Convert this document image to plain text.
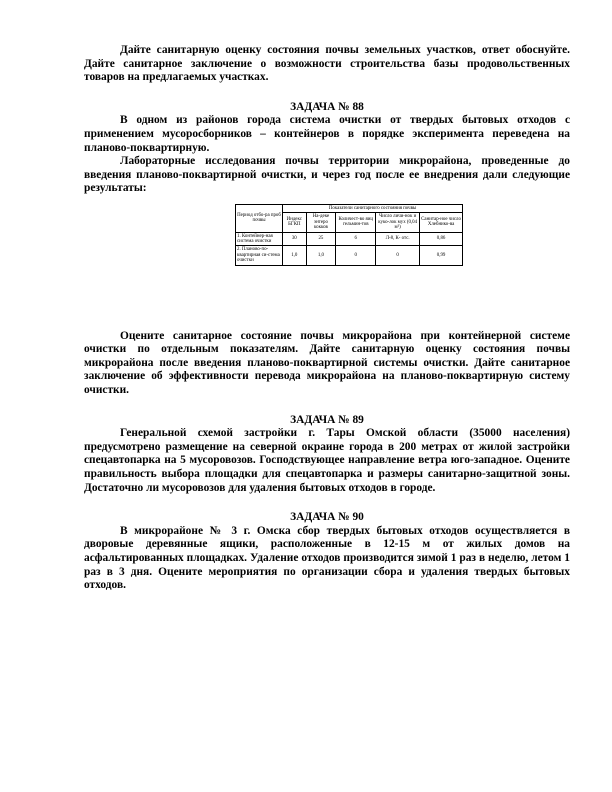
Дайте санитарную оценку состояния почвы земельных участков, ответ обоснуйте. Дайте санитарное заключение о возможности строительства базы продовольственных товаров на предлагаемых участках.

ЗАДАЧА № 88

В одном из районов города система очистки от твердых бытовых отходов с применением мусоросборников – контейнеров в порядке эксперимента переведена на планово-поквартирную.

Лабораторные исследования почвы территории микрорайона, проведенные до введения планово-поквартирной очистки, и через год после ее внедрения дали следующие результаты:

Период отбо-ра проб почвы	Показатели санитарного состояния почвы				
	Индекс БГКП	На-деке энтеро кокков	Количест-во яиц гельмин-тов	Число личи-нок и куко-лок мух (0,04 м²)	Санитар-ное число Хлебнико-ва
1. Контейнер-ная система очистки	30	25	6	Л-8, К- отс.	0,86
2. Планово-по-квартирная си-стема очистки	1,0	1,0	0	0	0,99

Оцените санитарное состояние почвы микрорайона при контейнерной системе очистки по отдельным показателям. Дайте санитарную оценку состояния почвы микрорайона после введения планово-поквартирной системы очистки. Дайте санитарное заключение об эффективности перевода микрорайона на планово-поквартирную систему очистки.

ЗАДАЧА № 89

Генеральной схемой застройки г. Тары Омской области (35000 населения) предусмотрено размещение на северной окраине города в 200 метрах от жилой застройки спецавтопарка на 5 мусоровозов. Господствующее направление ветра юго-западное. Оцените правильность выбора площадки для спецавтопарка и размеры санитарно-защитной зоны. Достаточно ли мусоровозов для удаления бытовых отходов в городе.

ЗАДАЧА № 90

В микрорайоне № 3 г. Омска сбор твердых бытовых отходов осуществляется в дворовые деревянные ящики, расположенные в 12-15 м от жилых домов на асфальтированных площадках. Удаление отходов производится зимой 1 раз в неделю, летом 1 раз в 3 дня. Оцените мероприятия по организации сбора и удаления твердых бытовых отходов.
